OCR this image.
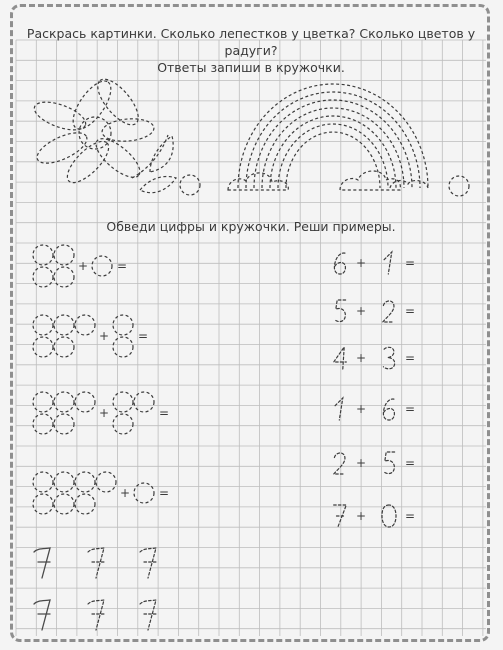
Раскрась картинки. Сколько лепестков у цветка? Сколько цветов у радуги?
Ответы запиши в кружочки.
Обведи цифры и кружочки. Реши примеры.
+ =
+ =
+	=
+ =
+	=
+	=
+	=
+	=
+	=
+	=
